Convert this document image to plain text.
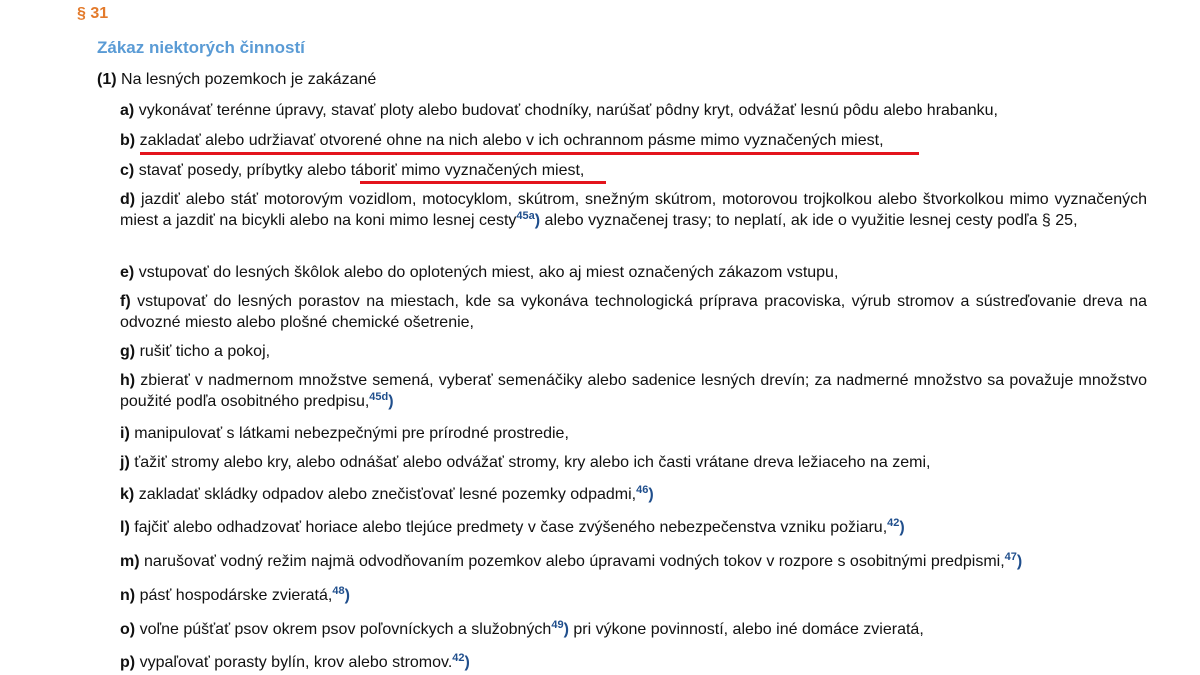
§ 31
Zákaz niektorých činností
(1) Na lesných pozemkoch je zakázané
a) vykonávať terénne úpravy, stavať ploty alebo budovať chodníky, narúšať pôdny kryt, odvážať lesnú pôdu alebo hrabanku,
b) zakladať alebo udržiavať otvorené ohne na nich alebo v ich ochrannom pásme mimo vyznačených miest,
c) stavať posedy, príbytky alebo táboriť mimo vyznačených miest,
d) jazdiť alebo stáť motorovým vozidlom, motocyklom, skútrom, snežným skútrom, motorovou trojkolkou alebo štvorkolkou mimo vyznačených miest a jazdiť na bicykli alebo na koni mimo lesnej cesty$^{45a}$) alebo vyznačenej trasy; to neplatí, ak ide o využitie lesnej cesty podľa § 25,
e) vstupovať do lesných škôlok alebo do oplotených miest, ako aj miest označených zákazom vstupu,
f) vstupovať do lesných porastov na miestach, kde sa vykonáva technologická príprava pracoviska, výrub stromov a sústreďovanie dreva na odvozné miesto alebo plošné chemické ošetrenie,
g) rušiť ticho a pokoj,
h) zbierať v nadmernom množstve semená, vyberať semenáčiky alebo sadenice lesných drevín; za nadmerné množstvo sa považuje množstvo použité podľa osobitného predpisu,$^{45d}$)
i) manipulovať s látkami nebezpečnými pre prírodné prostredie,
j) ťažiť stromy alebo kry, alebo odnášať alebo odvážať stromy, kry alebo ich časti vrátane dreva ležiaceho na zemi,
k) zakladať skládky odpadov alebo znečisťovať lesné pozemky odpadmi,$^{46}$)
l) fajčiť alebo odhadzovať horiace alebo tlejúce predmety v čase zvýšeného nebezpečenstva vzniku požiaru,$^{42}$)
m) narušovať vodný režim najmä odvodňovaním pozemkov alebo úpravami vodných tokov v rozpore s osobitnými predpismi,$^{47}$)
n) pásť hospodárske zvieratá,$^{48}$)
o) voľne púšťať psov okrem psov poľovníckych a služobných$^{49}$) pri výkone povinností, alebo iné domáce zvieratá,
p) vypaľovať porasty bylín, krov alebo stromov.$^{42}$)
